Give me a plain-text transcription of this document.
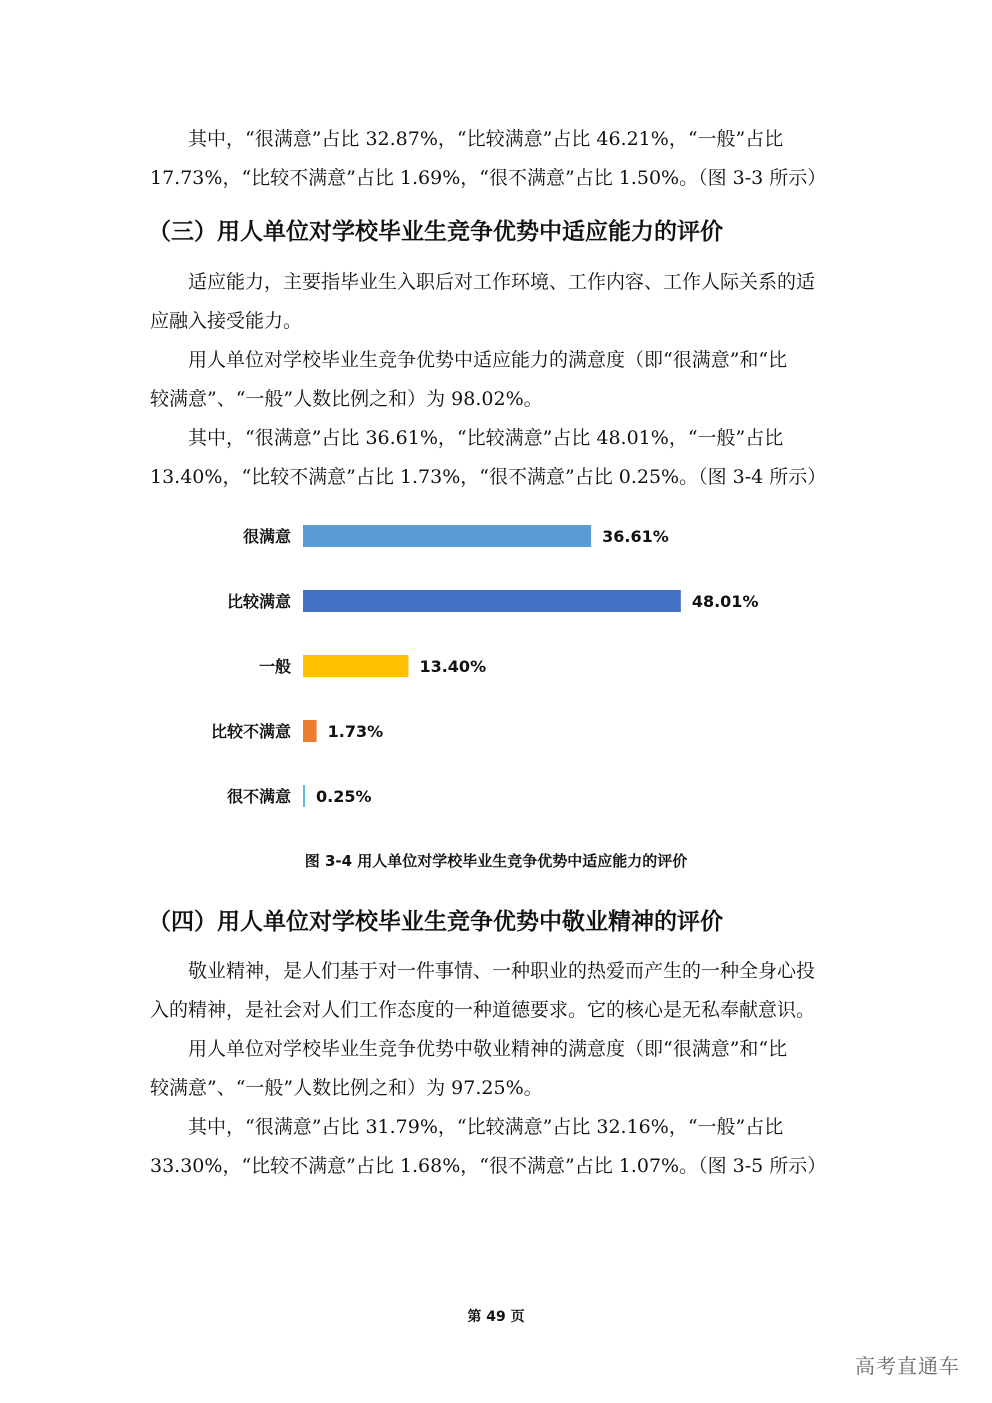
其中，“很满意”占比 32.87%，“比较满意”占比 46.21%，“一般”占比
17.73%，“比较不满意”占比 1.69%，“很不满意”占比 1.50%。（图 3-3 所示）

（三）用人单位对学校毕业生竞争优势中适应能力的评价

适应能力，主要指毕业生入职后对工作环境、工作内容、工作人际关系的适
应融入接受能力。

用人单位对学校毕业生竞争优势中适应能力的满意度（即“很满意”和“比
较满意”、“一般”人数比例之和）为 98.02%。

其中，“很满意”占比 36.61%，“比较满意”占比 48.01%，“一般”占比
13.40%，“比较不满意”占比 1.73%，“很不满意”占比 0.25%。（图 3-4 所示）

很满意	36.61%
比较满意	48.01%
一般	13.40%
比较不满意 1.73%
很不满意 0.25%
图 3-4 用人单位对学校毕业生竞争优势中适应能力的评价
（四）用人单位对学校毕业生竞争优势中敬业精神的评价

敬业精神，是人们基于对一件事情、一种职业的热爱而产生的一种全身心投
入的精神，是社会对人们工作态度的一种道德要求。它的核心是无私奉献意识。

用人单位对学校毕业生竞争优势中敬业精神的满意度（即“很满意”和“比
较满意”、“一般”人数比例之和）为 97.25%。

其中，“很满意”占比 31.79%，“比较满意”占比 32.16%，“一般”占比
33.30%，“比较不满意”占比 1.68%，“很不满意”占比 1.07%。（图 3-5 所示）

第 49 页
高考直通车
